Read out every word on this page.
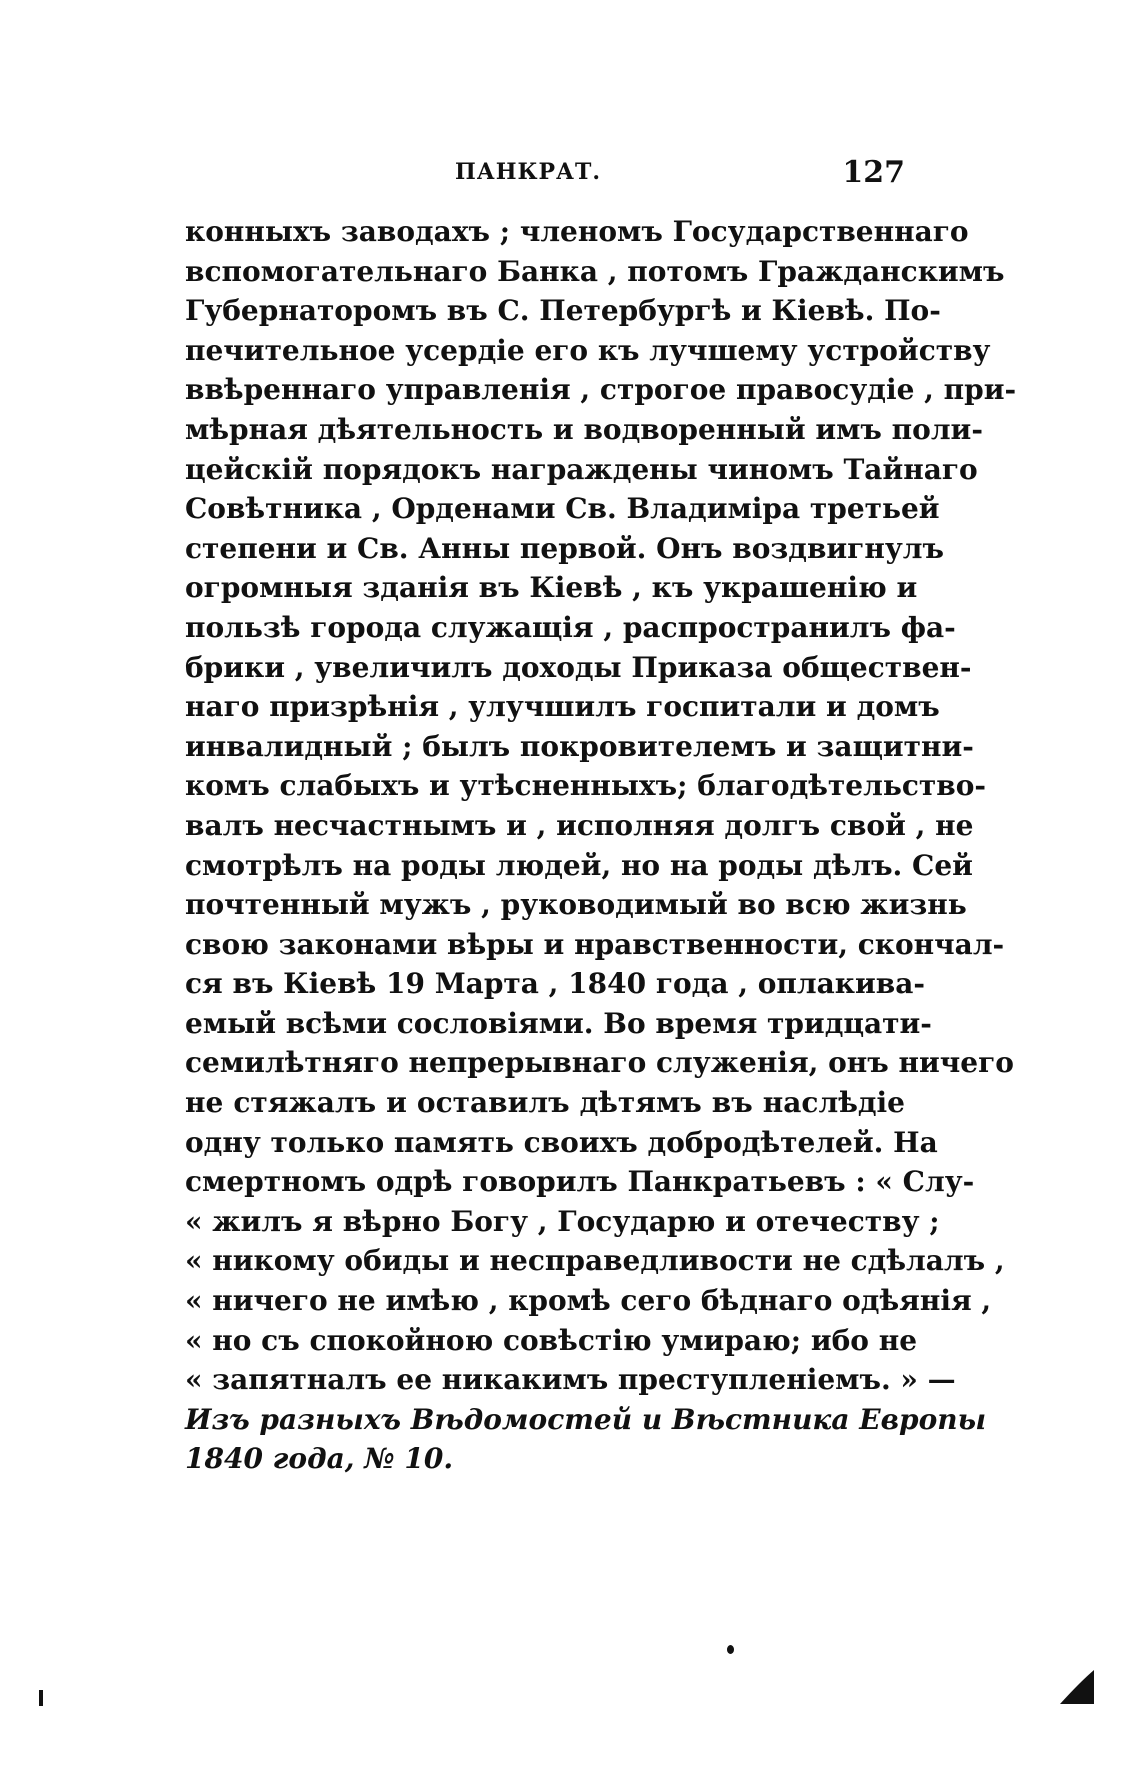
ПАНКРАТ.	127
конныхъ заводахъ ; членомъ Государственнаго
вспомогательнаго Банка , потомъ Гражданскимъ
Губернаторомъ въ С. Петербургѣ и Кіевѣ. По-
печительное усердіе его къ лучшему устройству
ввѣреннаго управленія , строгое правосудіе , при-
мѣрная дѣятельность и водворенный имъ поли-
цейскій порядокъ награждены чиномъ Тайнаго
Совѣтника , Орденами Св. Владиміра третьей
степени и Св. Анны первой. Онъ воздвигнулъ
огромныя зданія въ Кіевѣ , къ украшенію и
пользѣ города служащія , распространилъ фа-
брики , увеличилъ доходы Приказа обществен-
наго призрѣнія , улучшилъ госпитали и домъ
инвалидный ; былъ покровителемъ и защитни-
комъ слабыхъ и утѣсненныхъ; благодѣтельство-
валъ несчастнымъ и , исполняя долгъ свой , не
смотрѣлъ на роды людей, но на роды дѣлъ. Сей
почтенный мужъ , руководимый во всю жизнь
свою законами вѣры и нравственности, скончал-
ся въ Кіевѣ 19 Марта , 1840 года , оплакива-
емый всѣми сословіями. Во время тридцати-
семилѣтняго непрерывнаго служенія, онъ ничего
не стяжалъ и оставилъ дѣтямъ въ наслѣдіе
одну только память своихъ добродѣтелей. На
смертномъ одрѣ говорилъ Панкратьевъ : « Слу-
« жилъ я вѣрно Богу , Государю и отечеству ;
« никому обиды и несправедливости не сдѣлалъ ,
« ничего не имѣю , кромѣ сего бѣднаго одѣянія ,
« но съ спокойною совѣстію умираю; ибо не
« запятналъ ее никакимъ преступленіемъ. » —
Изъ разныхъ Вѣдомостей и Вѣстника Европы
1840 года, № 10.
